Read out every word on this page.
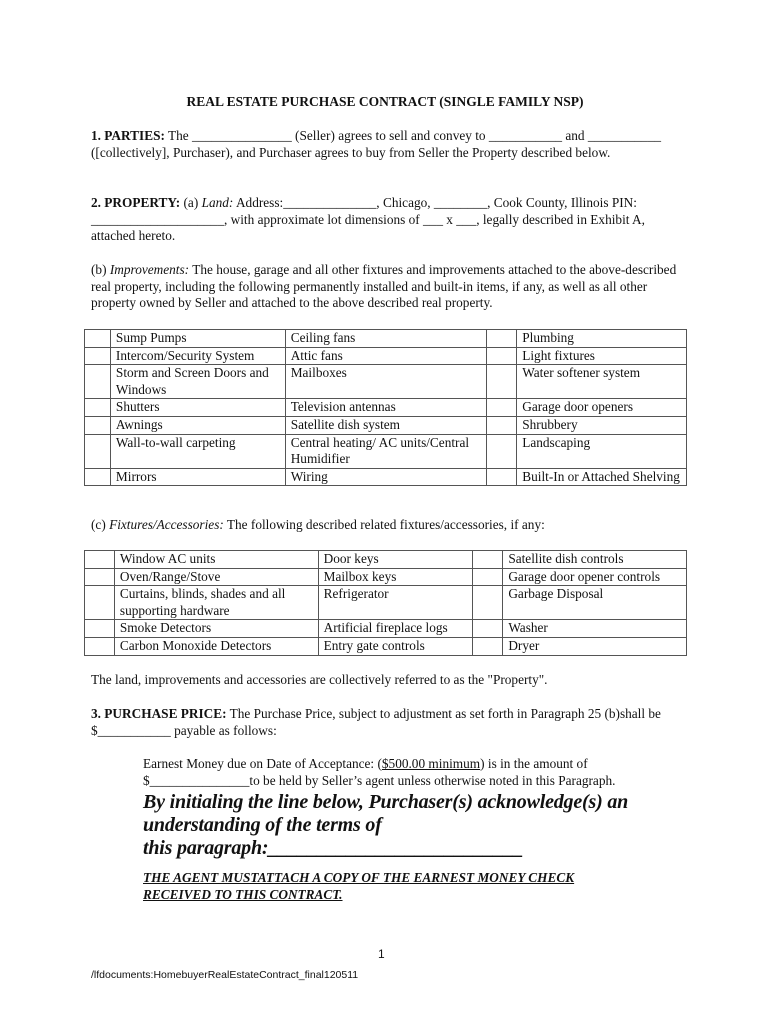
REAL ESTATE PURCHASE CONTRACT (SINGLE FAMILY NSP)

1. PARTIES: The _______________ (Seller) agrees to sell and convey to ___________ and ___________ ([collectively], Purchaser), and Purchaser agrees to buy from Seller the Property described below.

2. PROPERTY: (a) Land: Address:______________, Chicago, ________, Cook County, Illinois PIN: ____________________, with approximate lot dimensions of ___ x ___, legally described in Exhibit A, attached hereto.

(b) Improvements: The house, garage and all other fixtures and improvements attached to the above-described real property, including the following permanently installed and built-in items, if any, as well as all other property owned by Seller and attached to the above described real property.

	Sump Pumps	Ceiling fans		Plumbing
	Intercom/Security System	Attic fans		Light fixtures
	Storm and Screen Doors and Windows	Mailboxes		Water softener system
	Shutters	Television antennas		Garage door openers
	Awnings	Satellite dish system		Shrubbery
	Wall-to-wall carpeting	Central heating/ AC units/Central Humidifier		Landscaping
	Mirrors	Wiring		Built-In or Attached Shelving

(c) Fixtures/Accessories: The following described related fixtures/accessories, if any:

	Window AC units	Door keys		Satellite dish controls
	Oven/Range/Stove	Mailbox keys		Garage door opener controls
	Curtains, blinds, shades and all supporting hardware	Refrigerator		Garbage Disposal
	Smoke Detectors	Artificial fireplace logs		Washer
	Carbon Monoxide Detectors	Entry gate controls		Dryer
The land, improvements and accessories are collectively referred to as the "Property".

3. PURCHASE PRICE: The Purchase Price, subject to adjustment as set forth in Paragraph 25 (b)shall be $___________ payable as follows:

Earnest Money due on Date of Acceptance: ($500.00 minimum) is in the amount of $_______________to be held by Seller’s agent unless otherwise noted in this Paragraph.
By initialing the line below, Purchaser(s) acknowledge(s) an
understanding of the terms of
this paragraph:__________________________
THE AGENT MUSTATTACH A COPY OF THE EARNEST MONEY CHECK
RECEIVED TO THIS CONTRACT.
1
/lfdocuments:HomebuyerRealEstateContract_final120511
